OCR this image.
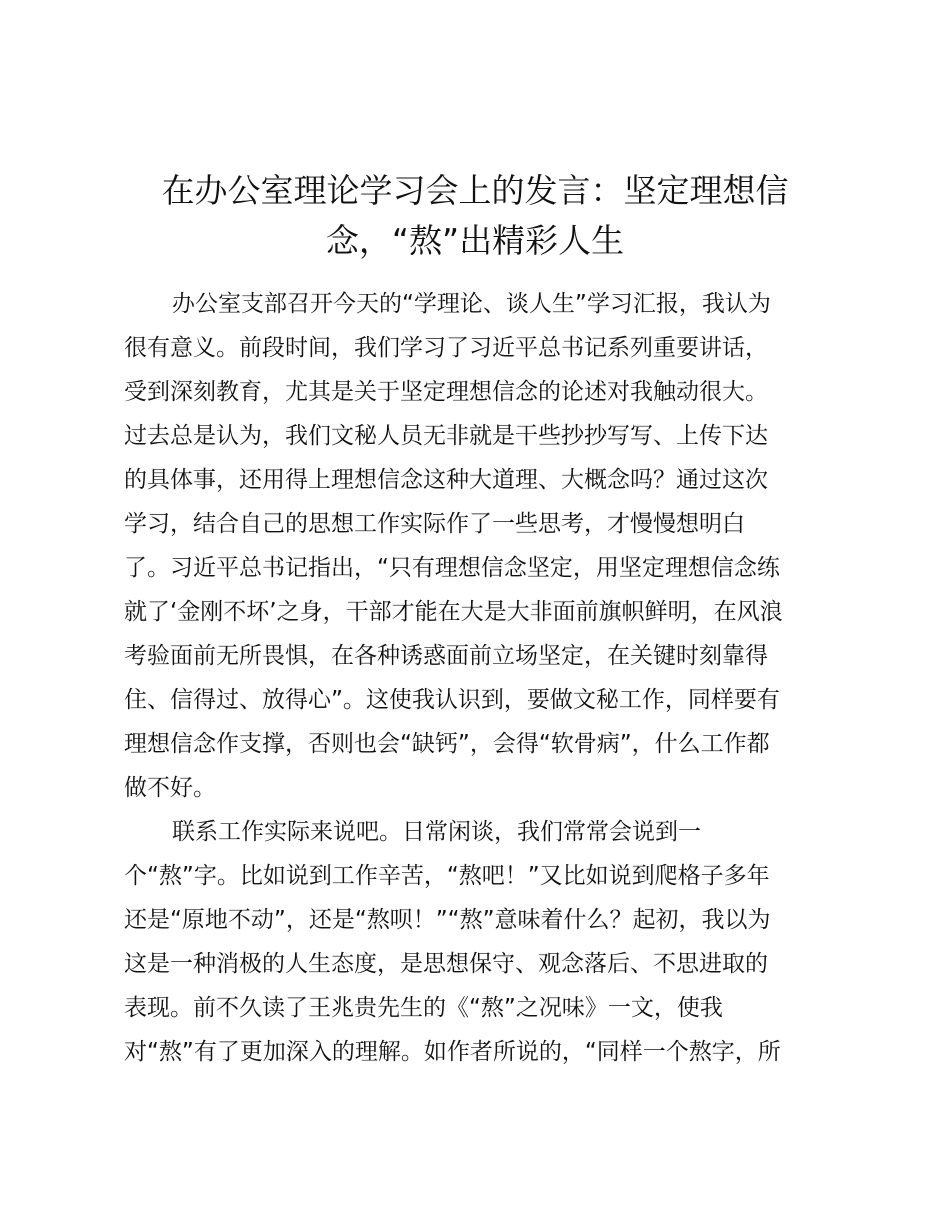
在办公室理论学习会上的发言：坚定理想信
念，“熬”出精彩人生

办公室支部召开今天的“学理论、谈人生”学习汇报，我认为

很有意义。前段时间，我们学习了习近平总书记系列重要讲话，

受到深刻教育，尤其是关于坚定理想信念的论述对我触动很大。

过去总是认为，我们文秘人员无非就是干些抄抄写写、上传下达

的具体事，还用得上理想信念这种大道理、大概念吗？通过这次

学习，结合自己的思想工作实际作了一些思考，才慢慢想明白

了。习近平总书记指出，“只有理想信念坚定，用坚定理想信念练

就了‘金刚不坏’之身，干部才能在大是大非面前旗帜鲜明，在风浪

考验面前无所畏惧，在各种诱惑面前立场坚定，在关键时刻靠得

住、信得过、放得心”。这使我认识到，要做文秘工作，同样要有

理想信念作支撑，否则也会“缺钙”，会得“软骨病”，什么工作都

做不好。

联系工作实际来说吧。日常闲谈，我们常常会说到一

个“熬”字。比如说到工作辛苦，“熬吧！”又比如说到爬格子多年

还是“原地不动”，还是“熬呗！”“熬”意味着什么？起初，我以为

这是一种消极的人生态度，是思想保守、观念落后、不思进取的

表现。前不久读了王兆贵先生的《“熬”之况味》一文，使我

对“熬”有了更加深入的理解。如作者所说的，“同样一个熬字，所
